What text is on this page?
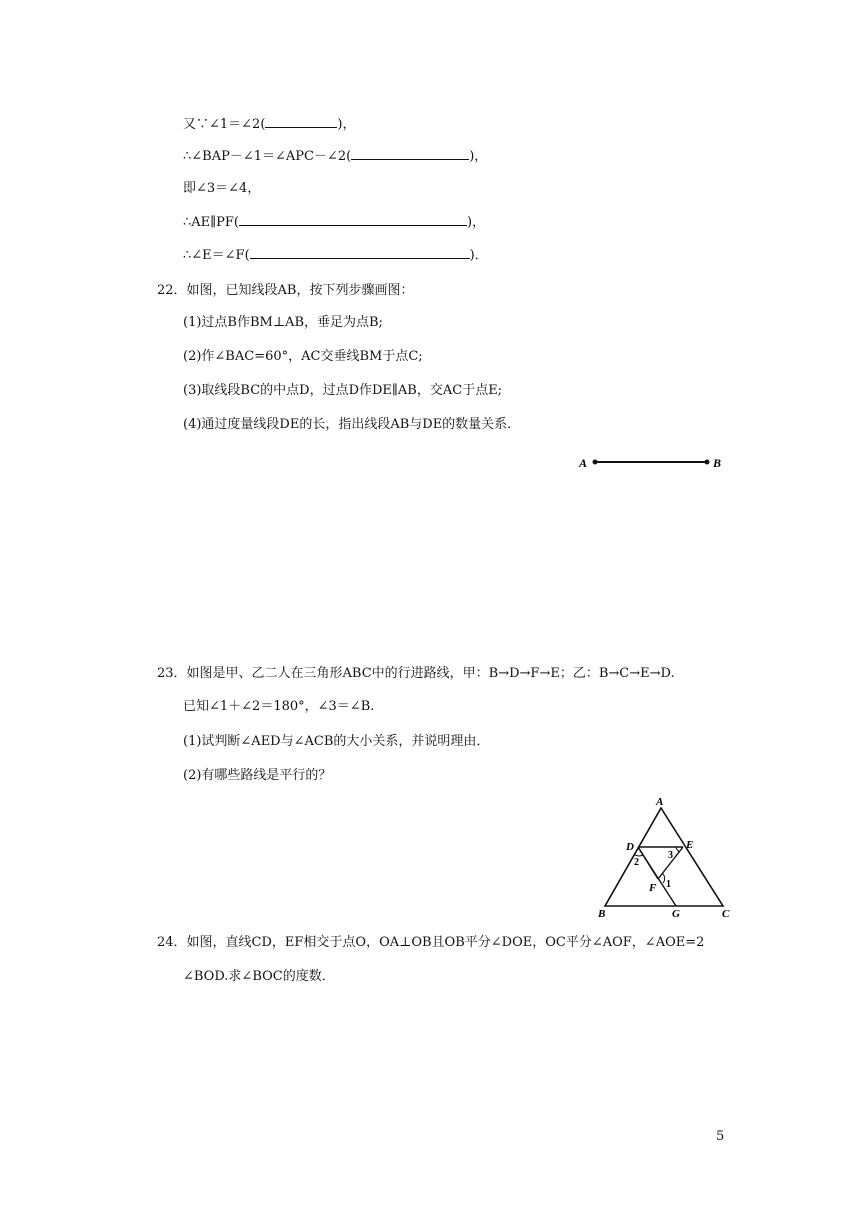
又∵∠1＝∠2(	)，
∴∠BAP－∠1＝∠APC－∠2(	)，
即∠3＝∠4，
∴AE∥PF(	)，
∴∠E＝∠F(	)．
22．如图，已知线段AB，按下列步骤画图：
(1)过点B作BM⊥AB，垂足为点B;
(2)作∠BAC=60°，AC交垂线BM于点C;
(3)取线段BC的中点D，过点D作DE∥AB，交AC于点E;
(4)通过度量线段DE的长，指出线段AB与DE的数量关系．
A	B
23．如图是甲、乙二人在三角形ABC中的行进路线，甲：B→D→F→E；乙：B→C→E→D.
已知∠1＋∠2＝180°，∠3＝∠B.
(1)试判断∠AED与∠ACB的大小关系，并说明理由．
(2)有哪些路线是平行的？
A
D	E
F
B	G	C
2
3
1
24．如图，直线CD，EF相交于点O，OA⊥OB且OB平分∠DOE，OC平分∠AOF，∠AOE=2
∠BOD.求∠BOC的度数．
5
